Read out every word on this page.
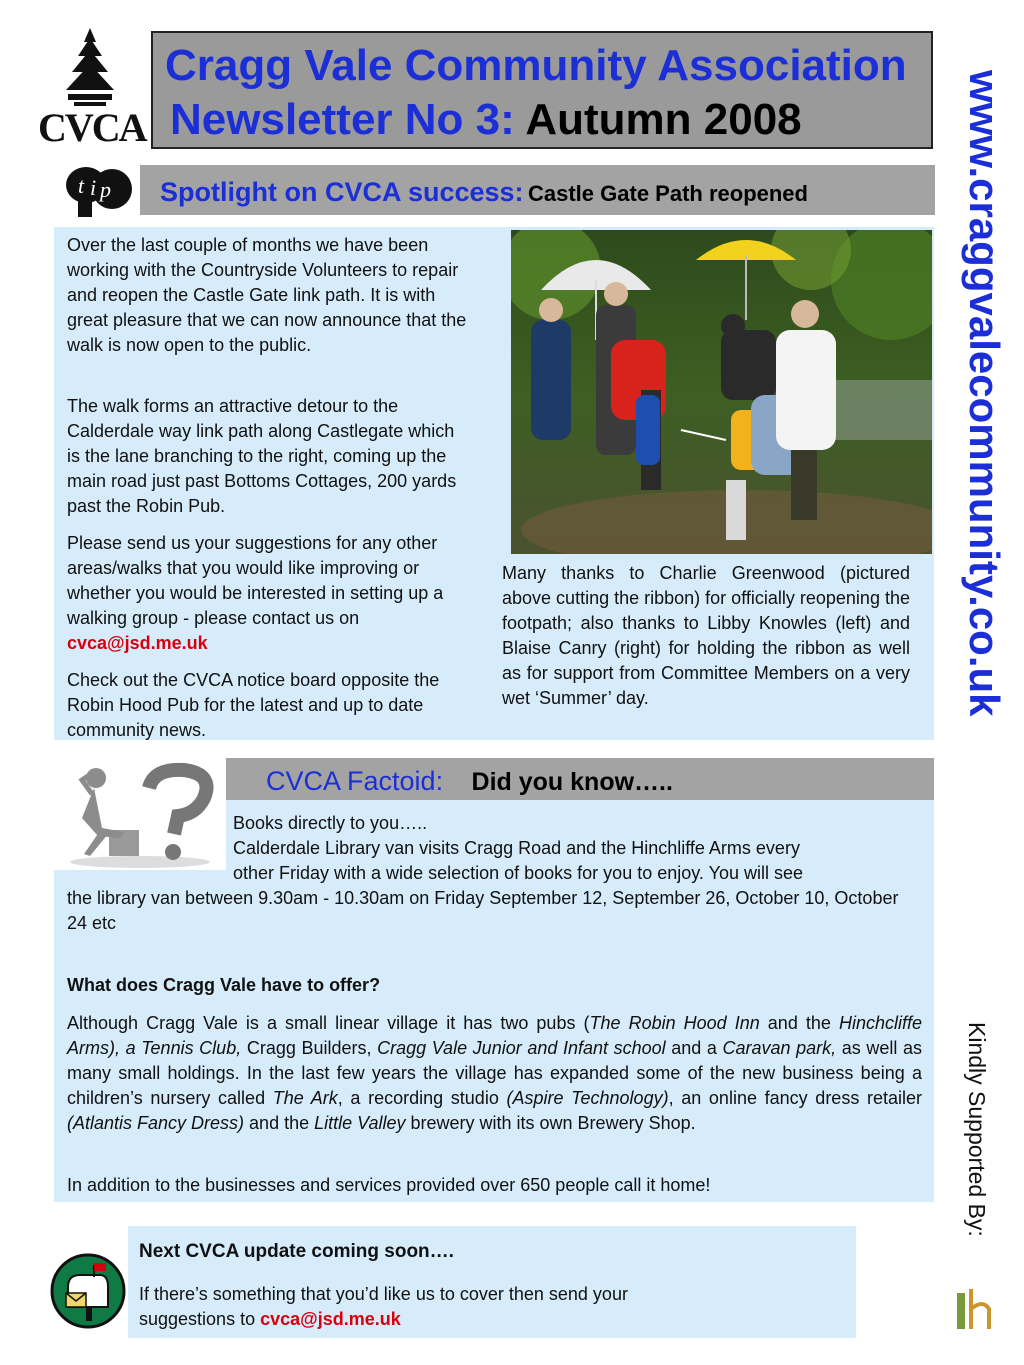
CVCA
Cragg Vale Community Association
Newsletter No 3: Autumn 2008	www.craggvalecommunity.co.uk
t i p Spotlight on CVCA success: Castle Gate Path reopened
Over the last couple of months we have been working with the Countryside Volunteers to repair and reopen the Castle Gate link path. It is with great pleasure that we can now announce that the walk is now open to the public.
The walk forms an attractive detour to the Calderdale way link path along Castlegate which is the lane branching to the right, coming up the main road just past Bottoms Cottages, 200 yards past the Robin Pub.
Please send us your suggestions for any other areas/walks that you would like improving or whether you would be interested in setting up a walking group - please contact us on cvca@jsd.me.uk
Check out the CVCA notice board opposite the Robin Hood Pub for the latest and up to date community news.
Many thanks to Charlie Greenwood (pictured above cutting the ribbon) for officially reopening the footpath; also thanks to Libby Knowles (left) and Blaise Canry (right) for holding the ribbon as well as for support from Committee Members on a very wet ‘Summer’ day.
CVCA Factoid: Did you know…..
Books directly to you…..
Calderdale Library van visits Cragg Road and the Hinchliffe Arms every
other Friday with a wide selection of books for you to enjoy. You will see
the library van between 9.30am - 10.30am on Friday September 12, September 26, October 10, October 24 etc
What does Cragg Vale have to offer?
Although Cragg Vale is a small linear village it has two pubs (The Robin Hood Inn and the Hinchcliffe Arms), a Tennis Club, Cragg Builders, Cragg Vale Junior and Infant school and a Caravan park, as well as many small holdings. In the last few years the village has expanded some of the new business being a children’s nursery called The Ark, a recording studio (Aspire Technology), an online fancy dress retailer (Atlantis Fancy Dress) and the Little Valley brewery with its own Brewery Shop.
In addition to the businesses and services provided over 650 people call it home!
Next CVCA update coming soon….
If there’s something that you’d like us to cover then send your
suggestions to cvca@jsd.me.uk
Kindly Supported By:
